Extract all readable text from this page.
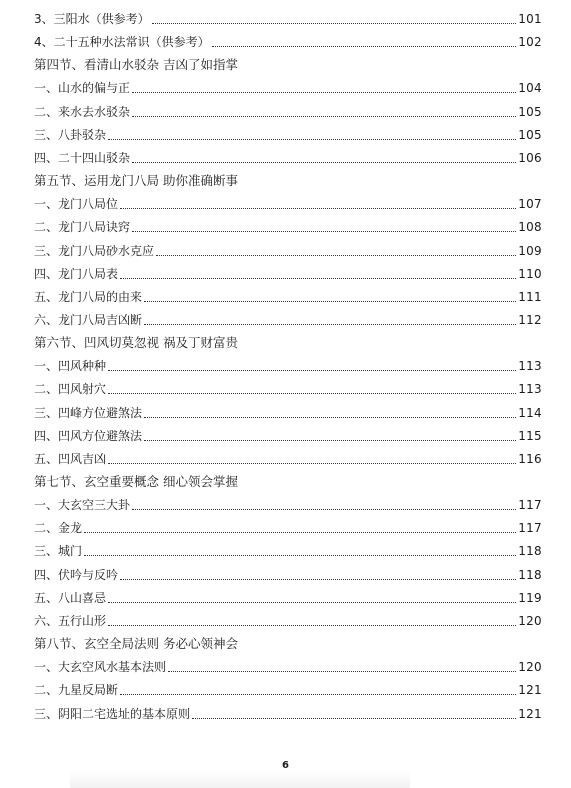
3、三阳水（供参考）	101
4、二十五种水法常识（供参考）	102
第四节、看清山水驳杂 吉凶了如指掌
一、山水的偏与正	104
二、来水去水驳杂	105
三、八卦驳杂	105
四、二十四山驳杂	106
第五节、运用龙门八局 助你准确断事
一、龙门八局位	107
二、龙门八局诀窍	108
三、龙门八局砂水克应	109
四、龙门八局表	110
五、龙门八局的由来	111
六、龙门八局吉凶断	112
第六节、凹风切莫忽视 祸及丁财富贵
一、凹风种种	113
二、凹风射穴	113
三、凹峰方位避煞法	114
四、凹风方位避煞法	115
五、凹风吉凶	116
第七节、玄空重要概念 细心领会掌握
一、大玄空三大卦	117
二、金龙	117
三、城门	118
四、伏吟与反吟	118
五、八山喜忌	119
六、五行山形	120
第八节、玄空全局法则 务必心领神会
一、大玄空风水基本法则	120
二、九星反局断	121
三、阴阳二宅选址的基本原则	121
6
